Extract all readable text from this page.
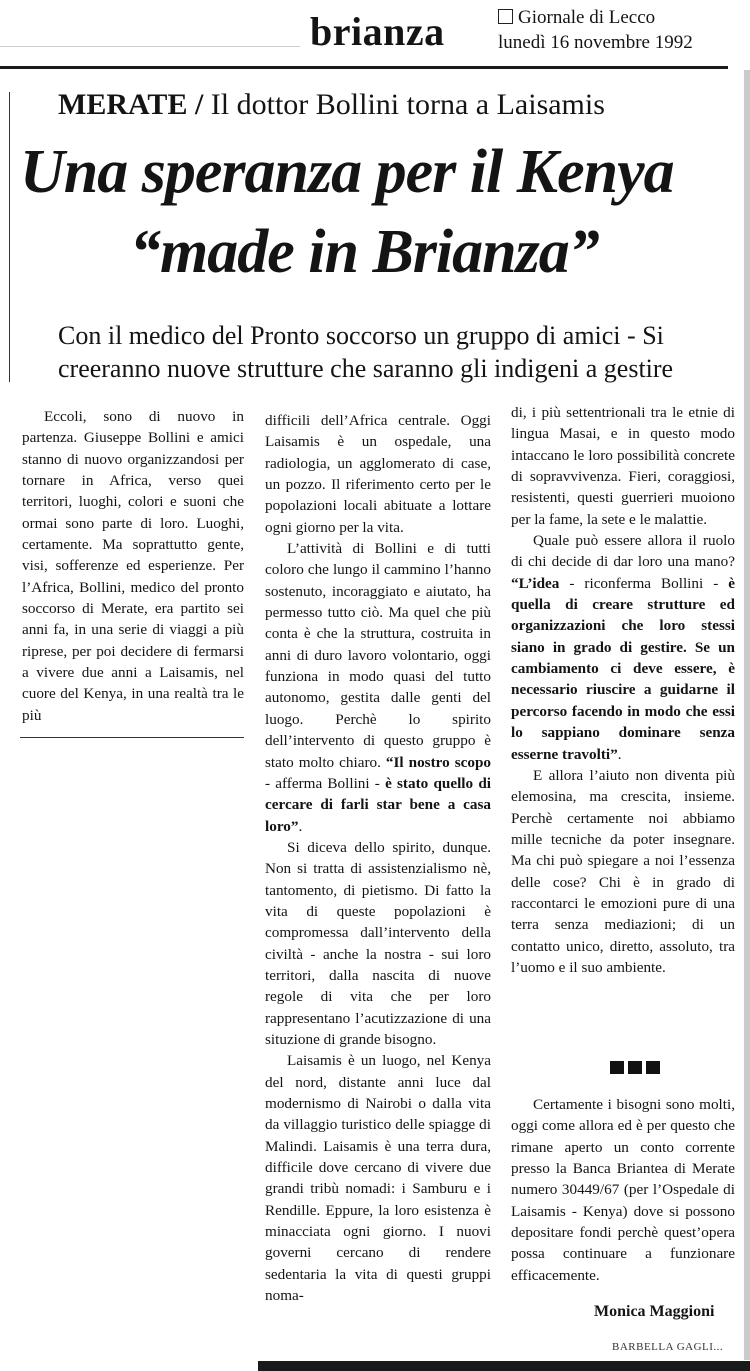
brianza	Giornale di Lecco
lunedì 16 novembre 1992
MERATE / Il dottor Bollini torna a Laisamis
Una speranza per il Kenya
“made in Brianza”
Con il medico del Pronto soccorso un gruppo di amici - Si
creeranno nuove strutture che saranno gli indigeni a gestire

Eccoli, sono di nuovo in partenza. Giuseppe Bollini e amici stanno di nuovo organizzandosi per tornare in Africa, verso quei territori, luoghi, colori e suoni che ormai sono parte di loro. Luoghi, certamente. Ma soprattutto gente, visi, sofferenze ed esperienze. Per l’Africa, Bollini, medico del pronto soccorso di Merate, era partito sei anni fa, in una serie di viaggi a più riprese, per poi decidere di fermarsi a vivere due anni a Laisamis, nel cuore del Kenya, in una realtà tra le più

difficili dell’Africa centrale. Oggi Laisamis è un ospedale, una radiologia, un agglomerato di case, un pozzo. Il riferimento certo per le popolazioni locali abituate a lottare ogni giorno per la vita.

L’attività di Bollini e di tutti coloro che lungo il cammino l’hanno sostenuto, incoraggiato e aiutato, ha permesso tutto ciò. Ma quel che più conta è che la struttura, costruita in anni di duro lavoro volontario, oggi funziona in modo quasi del tutto autonomo, gestita dalle genti del luogo. Perchè lo spirito dell’intervento di questo gruppo è stato molto chiaro. “Il nostro scopo - afferma Bollini - è stato quello di cercare di farli star bene a casa loro”.

Si diceva dello spirito, dunque. Non si tratta di assistenzialismo nè, tantomento, di pietismo. Di fatto la vita di queste popolazioni è compromessa dall’intervento della civiltà - anche la nostra - sui loro territori, dalla nascita di nuove regole di vita che per loro rappresentano l’acutizzazione di una situzione di grande bisogno.

Laisamis è un luogo, nel Kenya del nord, distante anni luce dal modernismo di Nairobi o dalla vita da villaggio turistico delle spiagge di Malindi. Laisamis è una terra dura, difficile dove cercano di vivere due grandi tribù nomadi: i Samburu e i Rendille. Eppure, la loro esistenza è minacciata ogni giorno. I nuovi governi cercano di rendere sedentaria la vita di questi gruppi noma-

di, i più settentrionali tra le etnie di lingua Masai, e in questo modo intaccano le loro possibilità concrete di sopravvivenza. Fieri, coraggiosi, resistenti, questi guerrieri muoiono per la fame, la sete e le malattie.

Quale può essere allora il ruolo di chi decide di dar loro una mano? “L’idea - riconferma Bollini - è quella di creare strutture ed organizzazioni che loro stessi siano in grado di gestire. Se un cambiamento ci deve essere, è necessario riuscire a guidarne il percorso facendo in modo che essi lo sappiano dominare senza esserne travolti”.

E allora l’aiuto non diventa più elemosina, ma crescita, insieme. Perchè certamente noi abbiamo mille tecniche da poter insegnare. Ma chi può spiegare a noi l’essenza delle cose? Chi è in grado di raccontarci le emozioni pure di una terra senza mediazioni; di un contatto unico, diretto, assoluto, tra l’uomo e il suo ambiente.

Certamente i bisogni sono molti, oggi come allora ed è per questo che rimane aperto un conto corrente presso la Banca Briantea di Merate numero 30449/67 (per l’Ospedale di Laisamis - Kenya) dove si possono depositare fondi perchè quest’opera possa continuare a funzionare efficacemente.

Monica Maggioni
BARBELLA GAGLI...
